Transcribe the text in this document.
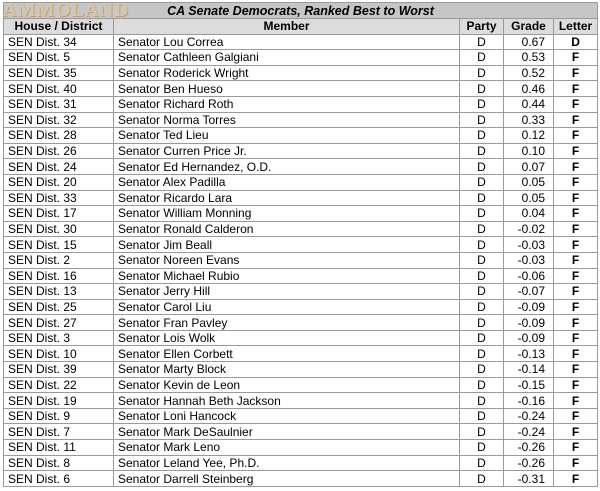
AMMOLAND	CA Senate Democrats, Ranked Best to Worst				
House / District	Member	Party	Grade	Letter
SEN Dist. 34	Senator Lou Correa	D	0.67	D
SEN Dist. 5	Senator Cathleen Galgiani	D	0.53	F
SEN Dist. 35	Senator Roderick Wright	D	0.52	F
SEN Dist. 40	Senator Ben Hueso	D	0.46	F
SEN Dist. 31	Senator Richard Roth	D	0.44	F
SEN Dist. 32	Senator Norma Torres	D	0.33	F
SEN Dist. 28	Senator Ted Lieu	D	0.12	F
SEN Dist. 26	Senator Curren Price Jr.	D	0.10	F
SEN Dist. 24	Senator Ed Hernandez, O.D.	D	0.07	F
SEN Dist. 20	Senator Alex Padilla	D	0.05	F
SEN Dist. 33	Senator Ricardo Lara	D	0.05	F
SEN Dist. 17	Senator William Monning	D	0.04	F
SEN Dist. 30	Senator Ronald Calderon	D	-0.02	F
SEN Dist. 15	Senator Jim Beall	D	-0.03	F
SEN Dist. 2	Senator Noreen Evans	D	-0.03	F
SEN Dist. 16	Senator Michael Rubio	D	-0.06	F
SEN Dist. 13	Senator Jerry Hill	D	-0.07	F
SEN Dist. 25	Senator Carol Liu	D	-0.09	F
SEN Dist. 27	Senator Fran Pavley	D	-0.09	F
SEN Dist. 3	Senator Lois Wolk	D	-0.09	F
SEN Dist. 10	Senator Ellen Corbett	D	-0.13	F
SEN Dist. 39	Senator Marty Block	D	-0.14	F
SEN Dist. 22	Senator Kevin de Leon	D	-0.15	F
SEN Dist. 19	Senator Hannah Beth Jackson	D	-0.16	F
SEN Dist. 9	Senator Loni Hancock	D	-0.24	F
SEN Dist. 7	Senator Mark DeSaulnier	D	-0.24	F
SEN Dist. 11	Senator Mark Leno	D	-0.26	F
SEN Dist. 8	Senator Leland Yee, Ph.D.	D	-0.26	F
SEN Dist. 6	Senator Darrell Steinberg	D	-0.31	F
